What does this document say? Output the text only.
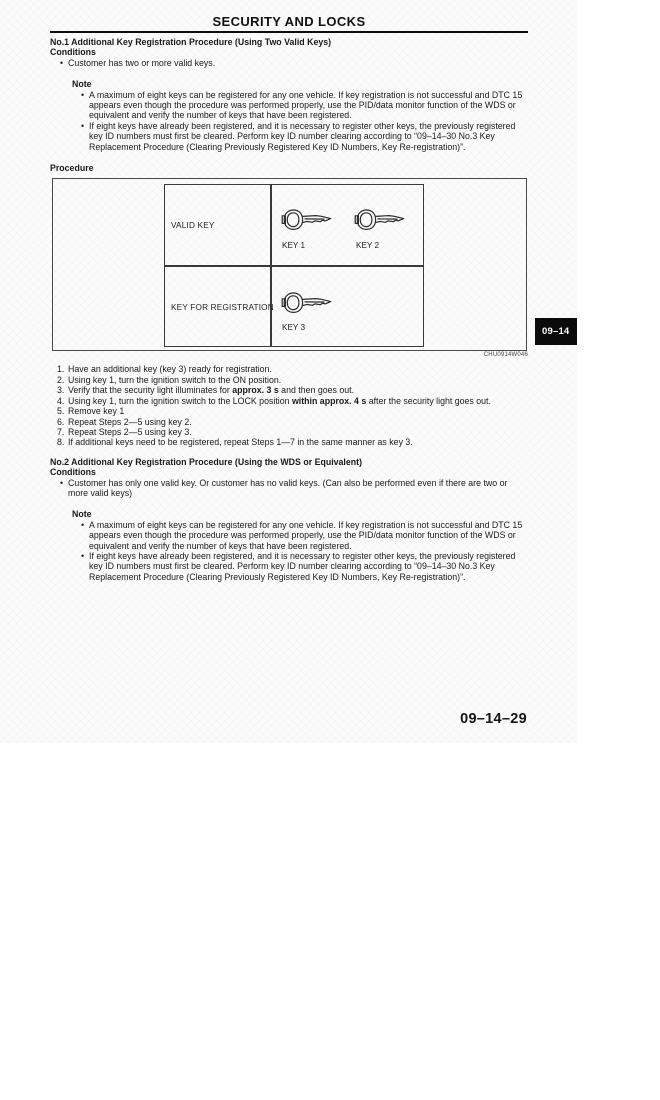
SECURITY AND LOCKS
No.1 Additional Key Registration Procedure (Using Two Valid Keys)
Conditions
• Customer has two or more valid keys.
Note
• A maximum of eight keys can be registered for any one vehicle. If key registration is not successful and DTC 15 appears even though the procedure was performed properly, use the PID/data monitor function of the WDS or equivalent and verify the number of keys that have been registered.
• If eight keys have already been registered, and it is necessary to register other keys, the previously registered key ID numbers must first be cleared. Perform key ID number clearing according to “09–14–30 No.3 Key Replacement Procedure (Clearing Previously Registered Key ID Numbers, Key Re-registration)”.
Procedure
VALID KEY
KEY FOR REGISTRATION
KEY 1	KEY 2
KEY 3
CHU0914W046
1. Have an additional key (key 3) ready for registration.
2. Using key 1, turn the ignition switch to the ON position.
3. Verify that the security light illuminates for approx. 3 s and then goes out.
4. Using key 1, turn the ignition switch to the LOCK position within approx. 4 s after the security light goes out.
5. Remove key 1
6. Repeat Steps 2—5 using key 2.
7. Repeat Steps 2—5 using key 3.
8. If additional keys need to be registered, repeat Steps 1—7 in the same manner as key 3.
No.2 Additional Key Registration Procedure (Using the WDS or Equivalent)
Conditions
• Customer has only one valid key. Or customer has no valid keys. (Can also be performed even if there are two or more valid keys)
Note
• A maximum of eight keys can be registered for any one vehicle. If key registration is not successful and DTC 15 appears even though the procedure was performed properly, use the PID/data monitor function of the WDS or equivalent and verify the number of keys that have been registered.
• If eight keys have already been registered, and it is necessary to register other keys, the previously registered key ID numbers must first be cleared. Perform key ID number clearing according to “09–14–30 No.3 Key Replacement Procedure (Clearing Previously Registered Key ID Numbers, Key Re-registration)”.
09–14
09–14–29
